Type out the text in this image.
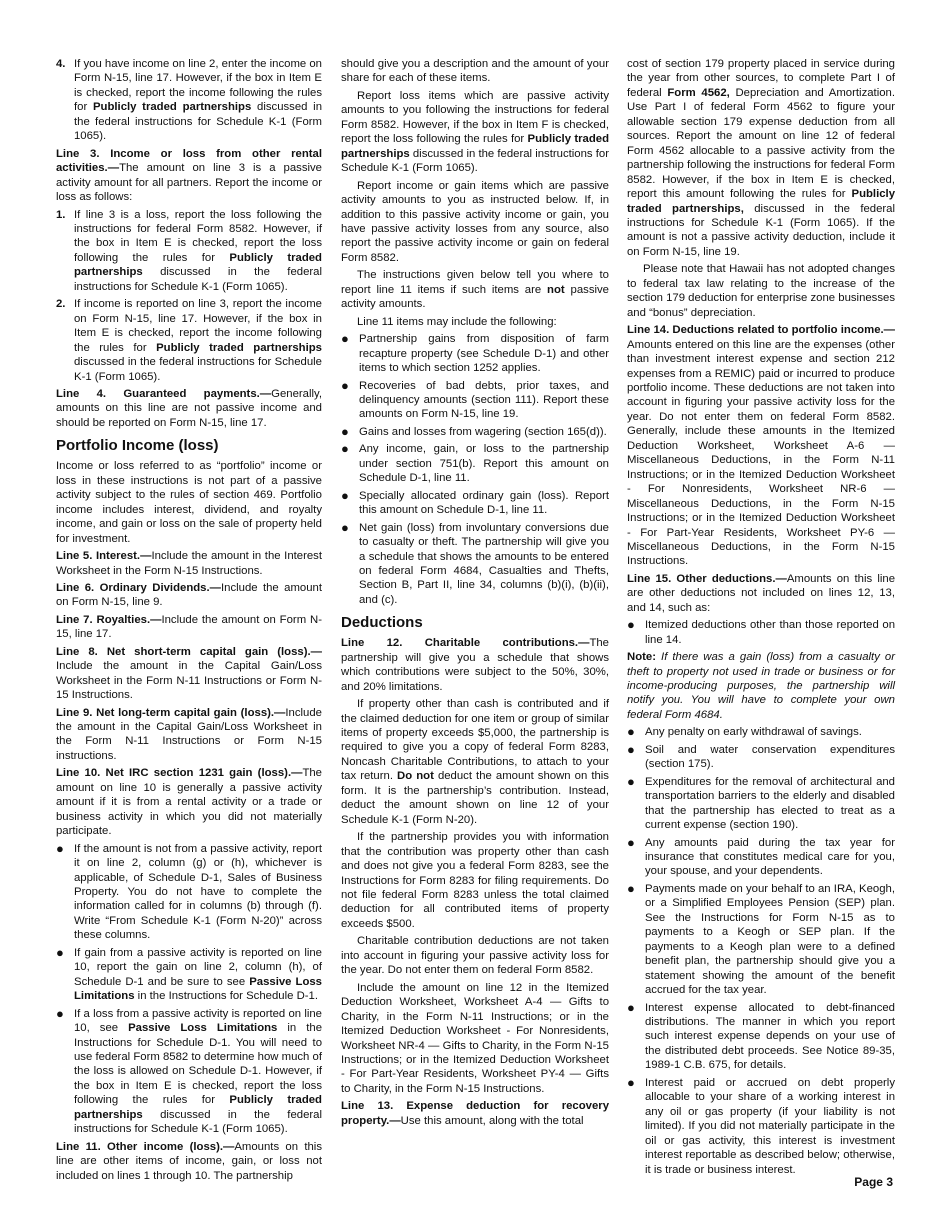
4. If you have income on line 2, enter the income on Form N-15, line 17. However, if the box in Item E is checked, report the income following the rules for Publicly traded partnerships discussed in the federal instructions for Schedule K-1 (Form 1065).

Line 3. Income or loss from other rental activities.—The amount on line 3 is a passive activity amount for all partners. Report the income or loss as follows:

1. If line 3 is a loss, report the loss following the instructions for federal Form 8582. However, if the box in Item E is checked, report the loss following the rules for Publicly traded partnerships discussed in the federal instructions for Schedule K-1 (Form 1065).
2. If income is reported on line 3, report the income on Form N-15, line 17. However, if the box in Item E is checked, report the income following the rules for Publicly traded partnerships discussed in the federal instructions for Schedule K-1 (Form 1065).

Line 4. Guaranteed payments.—Generally, amounts on this line are not passive income and should be reported on Form N-15, line 17.

Portfolio Income (loss)

Income or loss referred to as “portfolio” income or loss in these instructions is not part of a passive activity subject to the rules of section 469. Portfolio income includes interest, dividend, and royalty income, and gain or loss on the sale of property held for investment.

Line 5. Interest.—Include the amount in the Interest Worksheet in the Form N-15 Instructions.

Line 6. Ordinary Dividends.—Include the amount on Form N-15, line 9.

Line 7. Royalties.—Include the amount on Form N-15, line 17.

Line 8. Net short-term capital gain (loss).—Include the amount in the Capital Gain/Loss Worksheet in the Form N-11 Instructions or Form N-15 Instructions.

Line 9. Net long-term capital gain (loss).—Include the amount in the Capital Gain/Loss Worksheet in the Form N-11 Instructions or Form N-15 instructions.

Line 10. Net IRC section 1231 gain (loss).—The amount on line 10 is generally a passive activity amount if it is from a rental activity or a trade or business activity in which you did not materially participate.

●
If the amount is not from a passive activity, report it on line 2, column (g) or (h), whichever is applicable, of Schedule D-1, Sales of Business Property. You do not have to complete the information called for in columns (b) through (f). Write “From Schedule K-1 (Form N-20)” across these columns.
●
If gain from a passive activity is reported on line 10, report the gain on line 2, column (h), of Schedule D-1 and be sure to see Passive Loss Limitations in the Instructions for Schedule D-1.
●
If a loss from a passive activity is reported on line 10, see Passive Loss Limitations in the Instructions for Schedule D-1. You will need to use federal Form 8582 to determine how much of the loss is allowed on Schedule D-1. However, if the box in Item E is checked, report the loss following the rules for Publicly traded partnerships discussed in the federal instructions for Schedule K-1 (Form 1065).

Line 11. Other income (loss).—Amounts on this line are other items of income, gain, or loss not included on lines 1 through 10. The partnership

should give you a description and the amount of your share for each of these items.

Report loss items which are passive activity amounts to you following the instructions for federal Form 8582. However, if the box in Item F is checked, report the loss following the rules for Publicly traded partnerships discussed in the federal instructions for Schedule K-1 (Form 1065).

Report income or gain items which are passive activity amounts to you as instructed below. If, in addition to this passive activity income or gain, you have passive activity losses from any source, also report the passive activity income or gain on federal Form 8582.

The instructions given below tell you where to report line 11 items if such items are not passive activity amounts.

Line 11 items may include the following:

●
Partnership gains from disposition of farm recapture property (see Schedule D-1) and other items to which section 1252 applies.
●
Recoveries of bad debts, prior taxes, and delinquency amounts (section 111). Report these amounts on Form N-15, line 19.
●
Gains and losses from wagering (section 165(d)).
●
Any income, gain, or loss to the partnership under section 751(b). Report this amount on Schedule D-1, line 11.
●
Specially allocated ordinary gain (loss). Report this amount on Schedule D-1, line 11.
●
Net gain (loss) from involuntary conversions due to casualty or theft. The partnership will give you a schedule that shows the amounts to be entered on federal Form 4684, Casualties and Thefts, Section B, Part II, line 34, columns (b)(i), (b)(ii), and (c).
Deductions

Line 12. Charitable contributions.—The partnership will give you a schedule that shows which contributions were subject to the 50%, 30%, and 20% limitations.

If property other than cash is contributed and if the claimed deduction for one item or group of similar items of property exceeds $5,000, the partnership is required to give you a copy of federal Form 8283, Noncash Charitable Contributions, to attach to your tax return. Do not deduct the amount shown on this form. It is the partnership’s contribution. Instead, deduct the amount shown on line 12 of your Schedule K-1 (Form N-20).

If the partnership provides you with information that the contribution was property other than cash and does not give you a federal Form 8283, see the Instructions for Form 8283 for filing requirements. Do not file federal Form 8283 unless the total claimed deduction for all contributed items of property exceeds $500.

Charitable contribution deductions are not taken into account in figuring your passive activity loss for the year. Do not enter them on federal Form 8582.

Include the amount on line 12 in the Itemized Deduction Worksheet, Worksheet A-4 — Gifts to Charity, in the Form N-11 Instructions; or in the Itemized Deduction Worksheet - For Nonresidents, Worksheet NR-4 — Gifts to Charity, in the Form N-15 Instructions; or in the Itemized Deduction Worksheet - For Part-Year Residents, Worksheet PY-4 — Gifts to Charity, in the Form N-15 Instructions.

Line 13. Expense deduction for recovery property.—Use this amount, along with the total

cost of section 179 property placed in service during the year from other sources, to complete Part I of federal Form 4562, Depreciation and Amortization. Use Part I of federal Form 4562 to figure your allowable section 179 expense deduction from all sources. Report the amount on line 12 of federal Form 4562 allocable to a passive activity from the partnership following the instructions for federal Form 8582. However, if the box in Item E is checked, report this amount following the rules for Publicly traded partnerships, discussed in the federal instructions for Schedule K-1 (Form 1065). If the amount is not a passive activity deduction, include it on Form N-15, line 19.

Please note that Hawaii has not adopted changes to federal tax law relating to the increase of the section 179 deduction for enterprise zone businesses and “bonus” depreciation.

Line 14. Deductions related to portfolio income.—Amounts entered on this line are the expenses (other than investment interest expense and section 212 expenses from a REMIC) paid or incurred to produce portfolio income. These deductions are not taken into account in figuring your passive activity loss for the year. Do not enter them on federal Form 8582. Generally, include these amounts in the Itemized Deduction Worksheet, Worksheet A-6 — Miscellaneous Deductions, in the Form N-11 Instructions; or in the Itemized Deduction Worksheet - For Nonresidents, Worksheet NR-6 — Miscellaneous Deductions, in the Form N-15 Instructions; or in the Itemized Deduction Worksheet - For Part-Year Residents, Worksheet PY-6 — Miscellaneous Deductions, in the Form N-15 Instructions.

Line 15. Other deductions.—Amounts on this line are other deductions not included on lines 12, 13, and 14, such as:

●
Itemized deductions other than those reported on line 14.

Note: If there was a gain (loss) from a casualty or theft to property not used in trade or business or for income-producing purposes, the partnership will notify you. You will have to complete your own federal Form 4684.

●
Any penalty on early withdrawal of savings.
●
Soil and water conservation expenditures (section 175).
●
Expenditures for the removal of architectural and transportation barriers to the elderly and disabled that the partnership has elected to treat as a current expense (section 190).
●
Any amounts paid during the tax year for insurance that constitutes medical care for you, your spouse, and your dependents.
●
Payments made on your behalf to an IRA, Keogh, or a Simplified Employees Pension (SEP) plan. See the Instructions for Form N-15 as to payments to a Keogh or SEP plan. If the payments to a Keogh plan were to a defined benefit plan, the partnership should give you a statement showing the amount of the benefit accrued for the tax year.
●
Interest expense allocated to debt-financed distributions. The manner in which you report such interest expense depends on your use of the distributed debt proceeds. See Notice 89-35, 1989-1 C.B. 675, for details.
●
Interest paid or accrued on debt properly allocable to your share of a working interest in any oil or gas property (if your liability is not limited). If you did not materially participate in the oil or gas activity, this interest is investment interest reportable as described below; otherwise, it is trade or business interest.
Page 3
